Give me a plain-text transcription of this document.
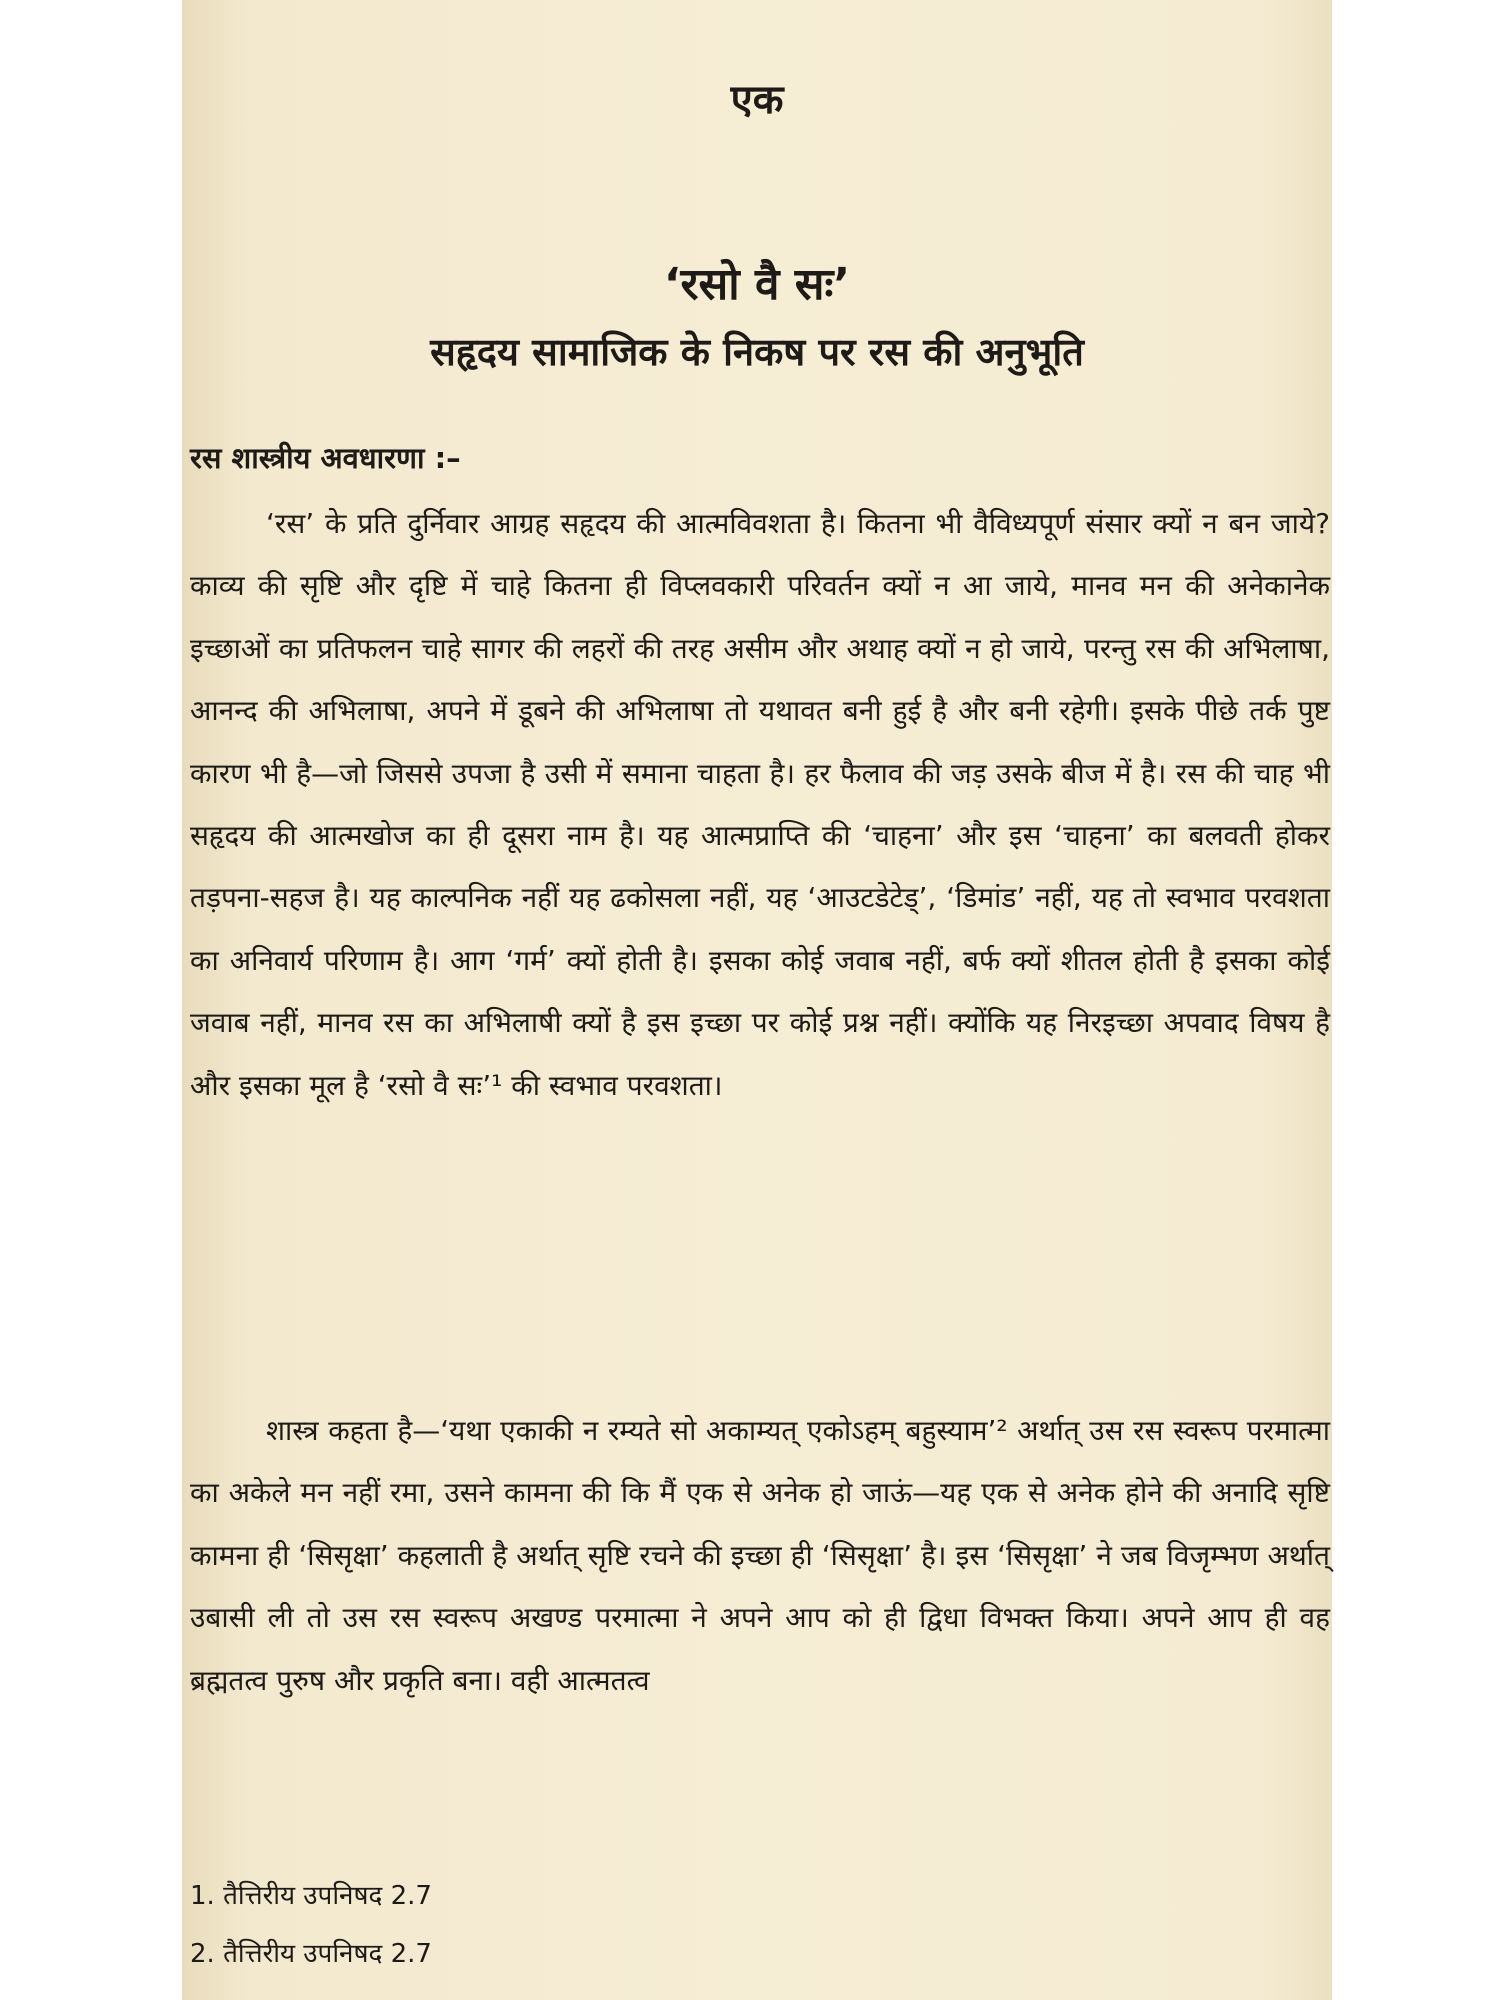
एक
‘रसो वै सः’
सहृदय सामाजिक के निकष पर रस की अनुभूति
रस शास्त्रीय अवधारणा :–

‘रस’ के प्रति दुर्निवार आग्रह सहृदय की आत्मविवशता है। कितना भी वैविध्यपूर्ण संसार क्यों न बन जाये? काव्य की सृष्टि और दृष्टि में चाहे कितना ही विप्लवकारी परिवर्तन क्यों न आ जाये, मानव मन की अनेकानेक इच्छाओं का प्रतिफलन चाहे सागर की लहरों की तरह असीम और अथाह क्यों न हो जाये, परन्तु रस की अभिलाषा, आनन्द की अभिलाषा, अपने में डूबने की अभिलाषा तो यथावत बनी हुई है और बनी रहेगी। इसके पीछे तर्क पुष्ट कारण भी है—जो जिससे उपजा है उसी में समाना चाहता है। हर फैलाव की जड़ उसके बीज में है। रस की चाह भी सहृदय की आत्मखोज का ही दूसरा नाम है। यह आत्मप्राप्ति की ‘चाहना’ और इस ‘चाहना’ का बलवती होकर तड़पना-सहज है। यह काल्पनिक नहीं यह ढकोसला नहीं, यह ‘आउटडेटेड्’, ‘डिमांड’ नहीं, यह तो स्वभाव परवशता का अनिवार्य परिणाम है। आग ‘गर्म’ क्यों होती है। इसका कोई जवाब नहीं, बर्फ क्यों शीतल होती है इसका कोई जवाब नहीं, मानव रस का अभिलाषी क्यों है इस इच्छा पर कोई प्रश्न नहीं। क्योंकि यह निरइच्छा अपवाद विषय है और इसका मूल है ‘रसो वै सः’¹ की स्वभाव परवशता।

शास्त्र कहता है—‘यथा एकाकी न रम्यते सो अकाम्यत् एकोऽहम् बहुस्याम’² अर्थात् उस रस स्वरूप परमात्मा का अकेले मन नहीं रमा, उसने कामना की कि मैं एक से अनेक हो जाऊं—यह एक से अनेक होने की अनादि सृष्टि कामना ही ‘सिसृक्षा’ कहलाती है अर्थात् सृष्टि रचने की इच्छा ही ‘सिसृक्षा’ है। इस ‘सिसृक्षा’ ने जब विजृम्भण अर्थात् उबासी ली तो उस रस स्वरूप अखण्ड परमात्मा ने अपने आप को ही द्विधा विभक्त किया। अपने आप ही वह ब्रह्मतत्व पुरुष और प्रकृति बना। वही आत्मतत्व

1. तैत्तिरीय उपनिषद 2.7
2. तैत्तिरीय उपनिषद 2.7
